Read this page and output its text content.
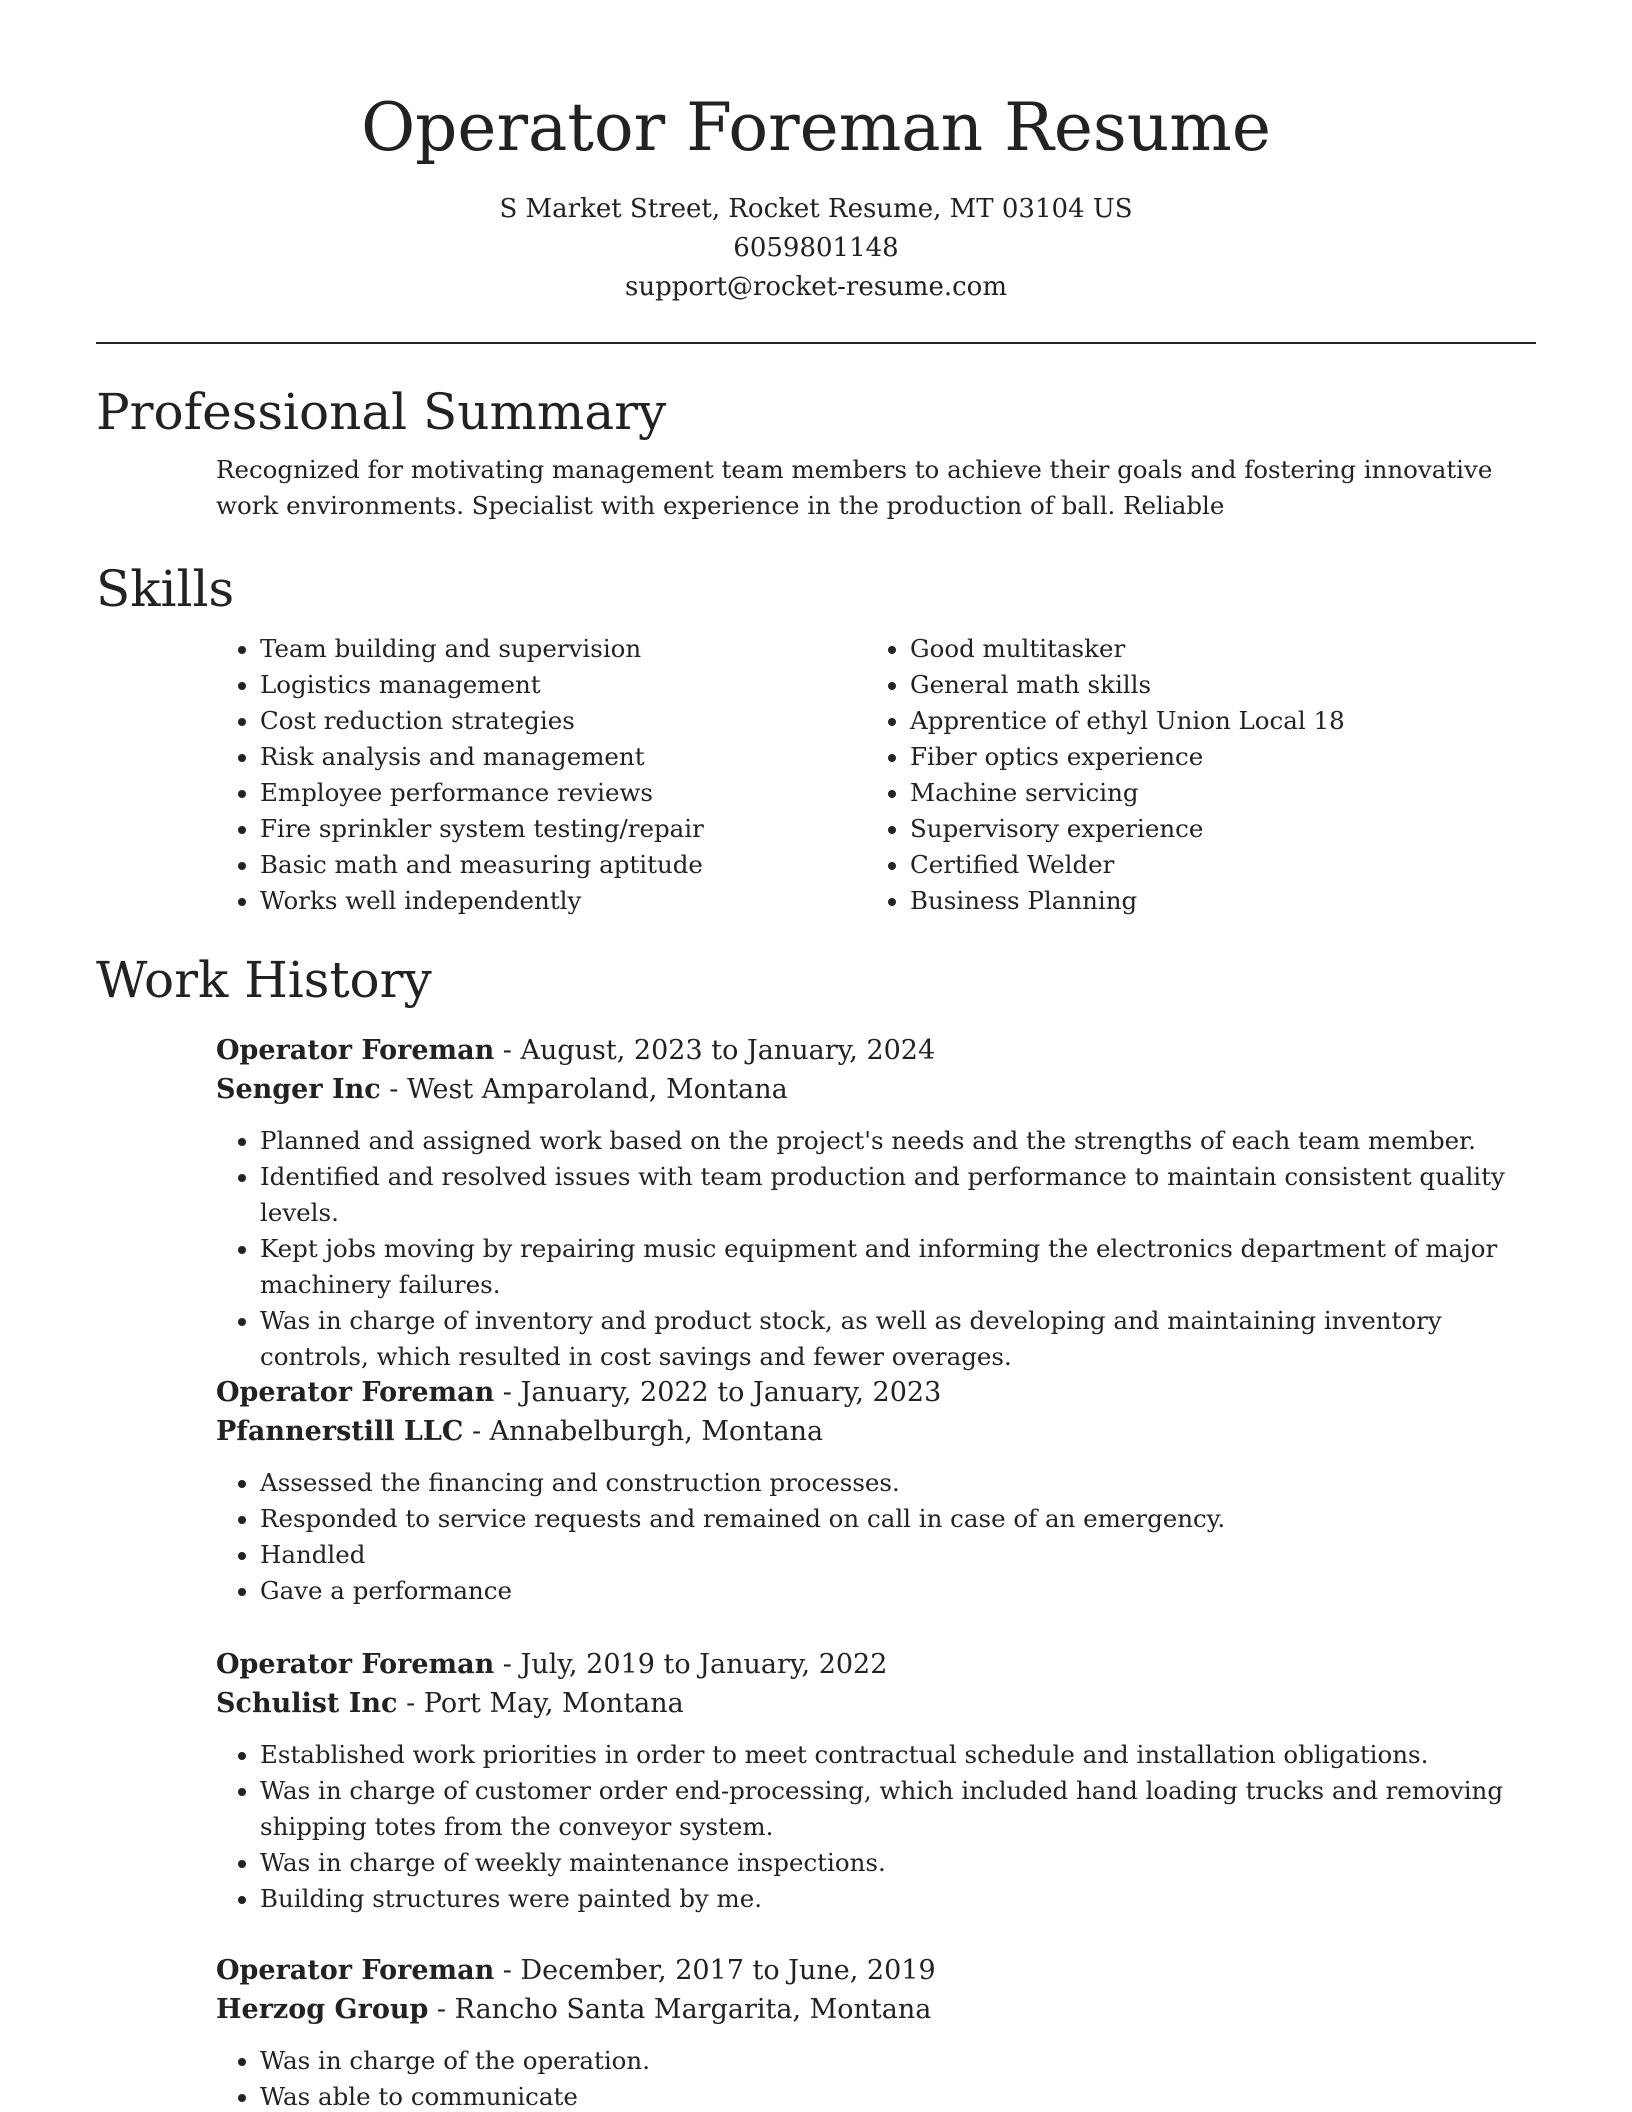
Operator Foreman Resume
S Market Street, Rocket Resume, MT 03104 US
6059801148
support@rocket-resume.com
Professional Summary
Recognized for motivating management team members to achieve their goals and fostering innovative work environments. Specialist with experience in the production of ball. Reliable
Skills
• Team building and supervision
• Logistics management
• Cost reduction strategies
• Risk analysis and management
• Employee performance reviews
• Fire sprinkler system testing/repair
• Basic math and measuring aptitude
• Works well independently
• Good multitasker
• General math skills
• Apprentice of ethyl Union Local 18
• Fiber optics experience
• Machine servicing
• Supervisory experience
• Certified Welder
• Business Planning
Work History
Operator Foreman - August, 2023 to January, 2024
Senger Inc - West Amparoland, Montana
• Planned and assigned work based on the project's needs and the strengths of each team member.
• Identified and resolved issues with team production and performance to maintain consistent quality levels.
• Kept jobs moving by repairing music equipment and informing the electronics department of major machinery failures.
• Was in charge of inventory and product stock, as well as developing and maintaining inventory controls, which resulted in cost savings and fewer overages.
Operator Foreman - January, 2022 to January, 2023
Pfannerstill LLC - Annabelburgh, Montana
• Assessed the financing and construction processes.
• Responded to service requests and remained on call in case of an emergency.
• Handled
• Gave a performance
Operator Foreman - July, 2019 to January, 2022
Schulist Inc - Port May, Montana
• Established work priorities in order to meet contractual schedule and installation obligations.
• Was in charge of customer order end-processing, which included hand loading trucks and removing shipping totes from the conveyor system.
• Was in charge of weekly maintenance inspections.
• Building structures were painted by me.
Operator Foreman - December, 2017 to June, 2019
Herzog Group - Rancho Santa Margarita, Montana
• Was in charge of the operation.
• Was able to communicate
